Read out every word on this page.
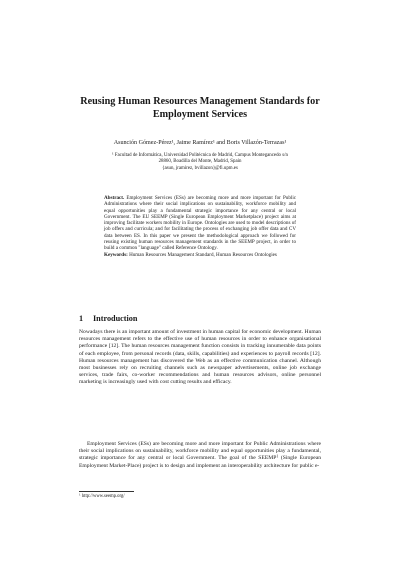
Reusing Human Resources Management Standards for Employment Services
Asunción Gómez-Pérez¹, Jaime Ramírez¹ and Boris Villazón-Terrazas¹
¹ Facultad de Informática, Universidad Politécnica de Madrid, Campus Montegancedo s/n
28860, Boadilla del Monte, Madrid, Spain
{asun, jramirez, bvillazon}@fi.upm.es
Abstract. Employment Services (ESs) are becoming more and more important for Public Administrations where their social implications on sustainability, workforce mobility and equal opportunities play a fundamental strategic importance for any central or local Government. The EU SEEMP (Single European Employment Marketplace) project aims at improving facilitate workers mobility in Europe. Ontologies are used to model descriptions of job offers and curricula; and for facilitating the process of exchanging job offer data and CV data between ES. In this paper we present the methodological approach we followed for reusing existing human resources management standards in the SEEMP project, in order to build a common "language" called Reference Ontology.
Keywords: Human Resources Management Standard, Human Resources Ontologies
1 Introduction
Nowadays there is an important amount of investment in human capital for economic development. Human resources management refers to the effective use of human resources in order to enhance organisational performance [12]. The human resources management function consists in tracking innumerable data points of each employee, from personal records (data, skills, capabilities) and experiences to payroll records [12]. Human resources management has discovered the Web as an effective communication channel. Although most businesses rely on recruiting channels such as newspaper advertisements, online job exchange services, trade fairs, co-worker recommendations and human resources advisors, online personnel marketing is increasingly used with cost cutting results and efficacy.
Employment Services (ESs) are becoming more and more important for Public Administrations where their social implications on sustainability, workforce mobility and equal opportunities play a fundamental, strategic importance for any central or local Government. The goal of the SEEMP$^1$ (Single European Employment Market-Place) project is to design and implement an interoperability architecture for public e-
$^1$ http://www.seemp.org/
